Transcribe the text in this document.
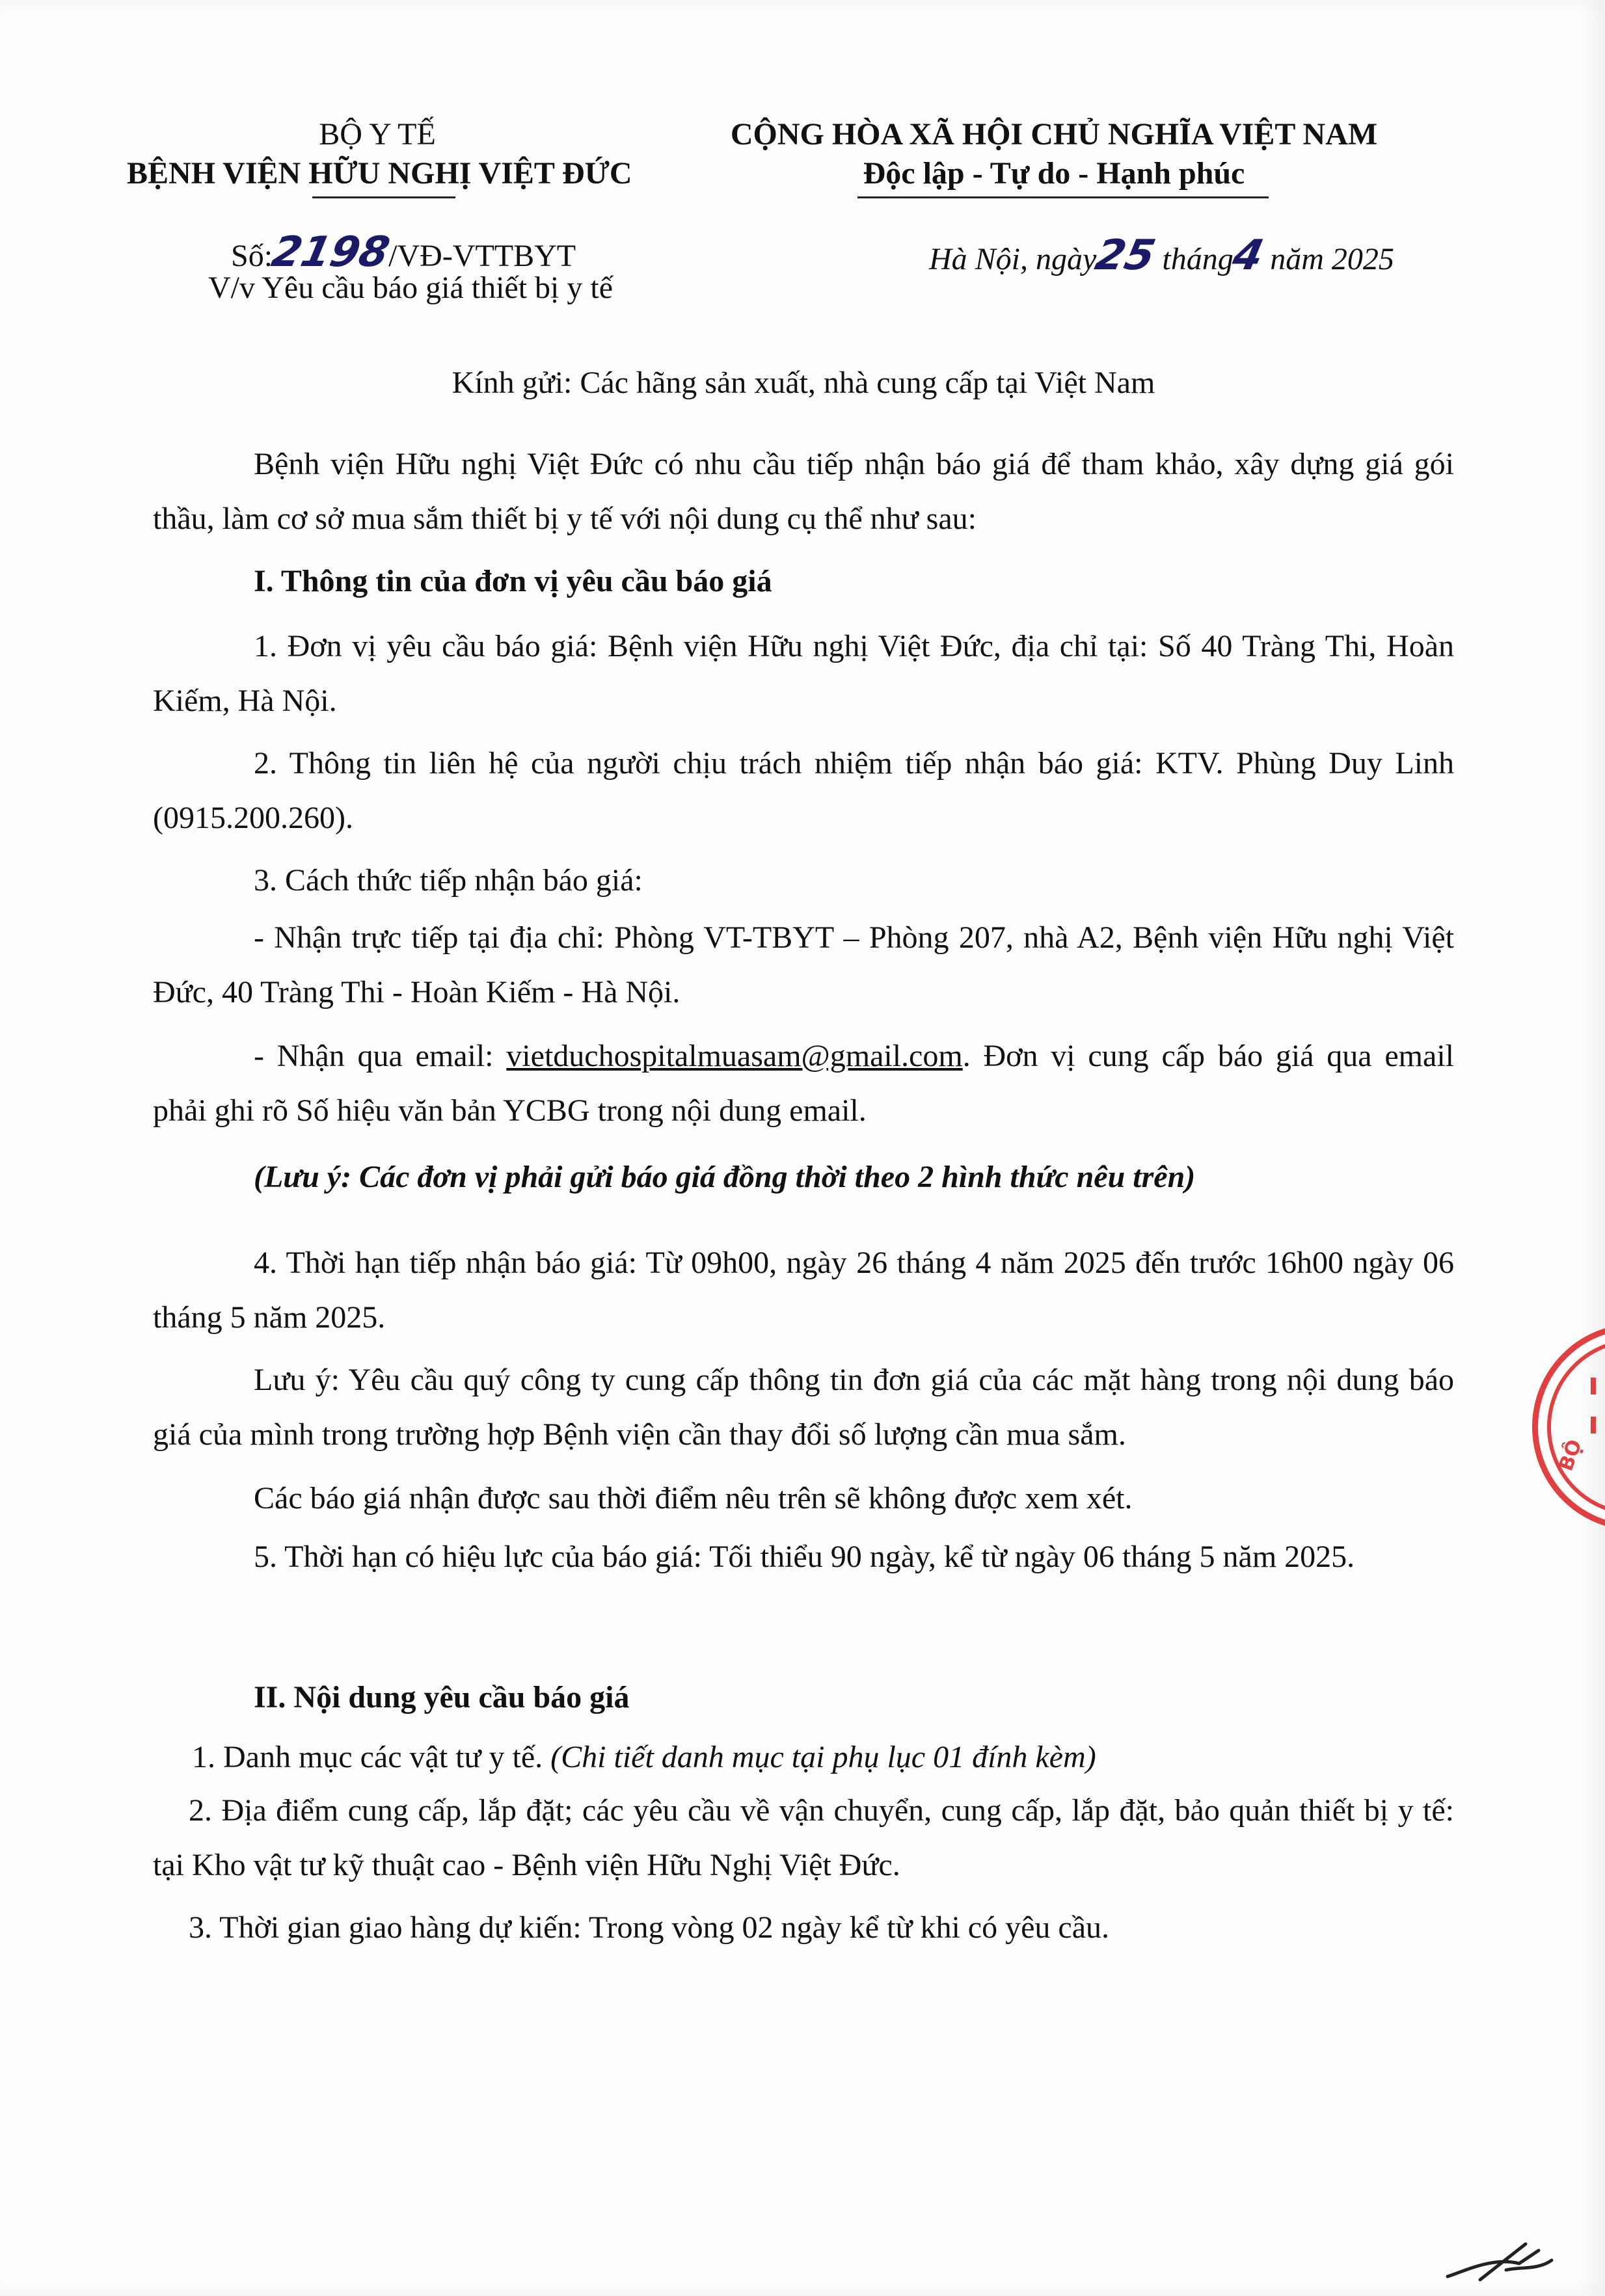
BỘ Y TẾ
BỆNH VIỆN HỮU NGHỊ VIỆT ĐỨC
Số:2198/VĐ-VTTBYT
V/v Yêu cầu báo giá thiết bị y tế
CỘNG HÒA XÃ HỘI CHỦ NGHĨA VIỆT NAM
Độc lập - Tự do - Hạnh phúc
Hà Nội, ngày25 tháng4 năm 2025
Kính gửi: Các hãng sản xuất, nhà cung cấp tại Việt Nam
Bệnh viện Hữu nghị Việt Đức có nhu cầu tiếp nhận báo giá để tham khảo, xây dựng giá gói thầu, làm cơ sở mua sắm thiết bị y tế với nội dung cụ thể như sau:
I. Thông tin của đơn vị yêu cầu báo giá
1. Đơn vị yêu cầu báo giá: Bệnh viện Hữu nghị Việt Đức, địa chỉ tại: Số 40 Tràng Thi, Hoàn Kiếm, Hà Nội.
2. Thông tin liên hệ của người chịu trách nhiệm tiếp nhận báo giá: KTV. Phùng Duy Linh (0915.200.260).
3. Cách thức tiếp nhận báo giá:
- Nhận trực tiếp tại địa chỉ: Phòng VT-TBYT – Phòng 207, nhà A2, Bệnh viện Hữu nghị Việt Đức, 40 Tràng Thi - Hoàn Kiếm - Hà Nội.
- Nhận qua email: vietduchospitalmuasam@gmail.com. Đơn vị cung cấp báo giá qua email phải ghi rõ Số hiệu văn bản YCBG trong nội dung email.
(Lưu ý: Các đơn vị phải gửi báo giá đồng thời theo 2 hình thức nêu trên)
4. Thời hạn tiếp nhận báo giá: Từ 09h00, ngày 26 tháng 4 năm 2025 đến trước 16h00 ngày 06 tháng 5 năm 2025.
Lưu ý: Yêu cầu quý công ty cung cấp thông tin đơn giá của các mặt hàng trong nội dung báo giá của mình trong trường hợp Bệnh viện cần thay đổi số lượng cần mua sắm.
Các báo giá nhận được sau thời điểm nêu trên sẽ không được xem xét.
5. Thời hạn có hiệu lực của báo giá: Tối thiểu 90 ngày, kể từ ngày 06 tháng 5 năm 2025.
II. Nội dung yêu cầu báo giá
1. Danh mục các vật tư y tế. (Chi tiết danh mục tại phụ lục 01 đính kèm)
2. Địa điểm cung cấp, lắp đặt; các yêu cầu về vận chuyển, cung cấp, lắp đặt, bảo quản thiết bị y tế: tại Kho vật tư kỹ thuật cao - Bệnh viện Hữu Nghị Việt Đức.
3. Thời gian giao hàng dự kiến: Trong vòng 02 ngày kể từ khi có yêu cầu.
BỘ
